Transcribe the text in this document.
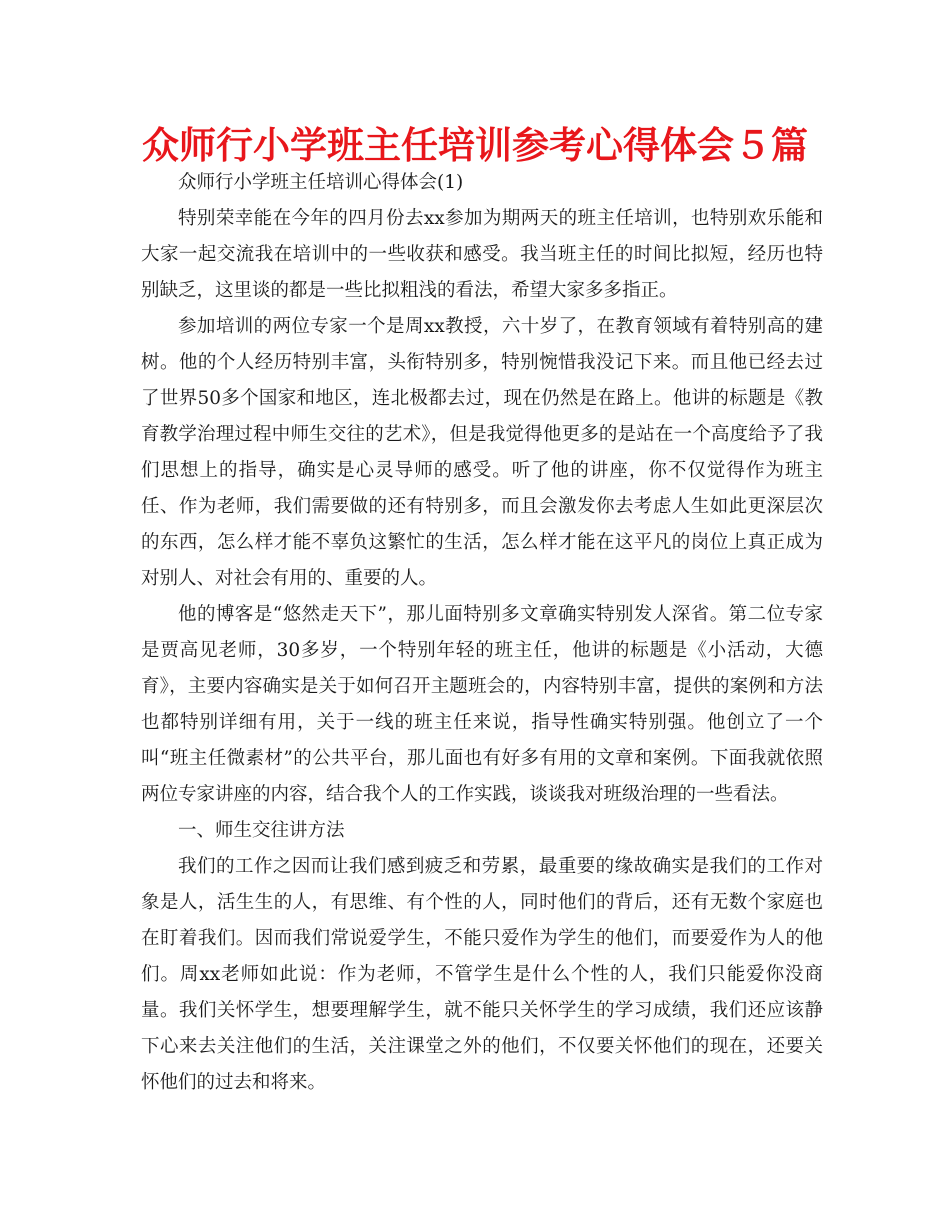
众师行小学班主任培训参考心得体会５篇

众师行小学班主任培训心得体会(1)

特别荣幸能在今年的四月份去xx参加为期两天的班主任培训，也特别欢乐能和大家一起交流我在培训中的一些收获和感受。我当班主任的时间比拟短，经历也特别缺乏，这里谈的都是一些比拟粗浅的看法，希望大家多多指正。

参加培训的两位专家一个是周xx教授，六十岁了，在教育领域有着特别高的建树。他的个人经历特别丰富，头衔特别多，特别惋惜我没记下来。而且他已经去过了世界50多个国家和地区，连北极都去过，现在仍然是在路上。他讲的标题是《教育教学治理过程中师生交往的艺术》，但是我觉得他更多的是站在一个高度给予了我们思想上的指导，确实是心灵导师的感受。听了他的讲座，你不仅觉得作为班主任、作为老师，我们需要做的还有特别多，而且会激发你去考虑人生如此更深层次的东西，怎么样才能不辜负这繁忙的生活，怎么样才能在这平凡的岗位上真正成为对别人、对社会有用的、重要的人。

他的博客是“悠然走天下”，那儿面特别多文章确实特别发人深省。第二位专家是贾高见老师，30多岁，一个特别年轻的班主任，他讲的标题是《小活动，大德育》，主要内容确实是关于如何召开主题班会的，内容特别丰富，提供的案例和方法也都特别详细有用，关于一线的班主任来说，指导性确实特别强。他创立了一个叫“班主任微素材”的公共平台，那儿面也有好多有用的文章和案例。下面我就依照两位专家讲座的内容，结合我个人的工作实践，谈谈我对班级治理的一些看法。

一、师生交往讲方法

我们的工作之因而让我们感到疲乏和劳累，最重要的缘故确实是我们的工作对象是人，活生生的人，有思维、有个性的人，同时他们的背后，还有无数个家庭也在盯着我们。因而我们常说爱学生，不能只爱作为学生的他们，而要爱作为人的他们。周xx老师如此说：作为老师，不管学生是什么个性的人，我们只能爱你没商量。我们关怀学生，想要理解学生，就不能只关怀学生的学习成绩，我们还应该静下心来去关注他们的生活，关注课堂之外的他们，不仅要关怀他们的现在，还要关怀他们的过去和将来。
